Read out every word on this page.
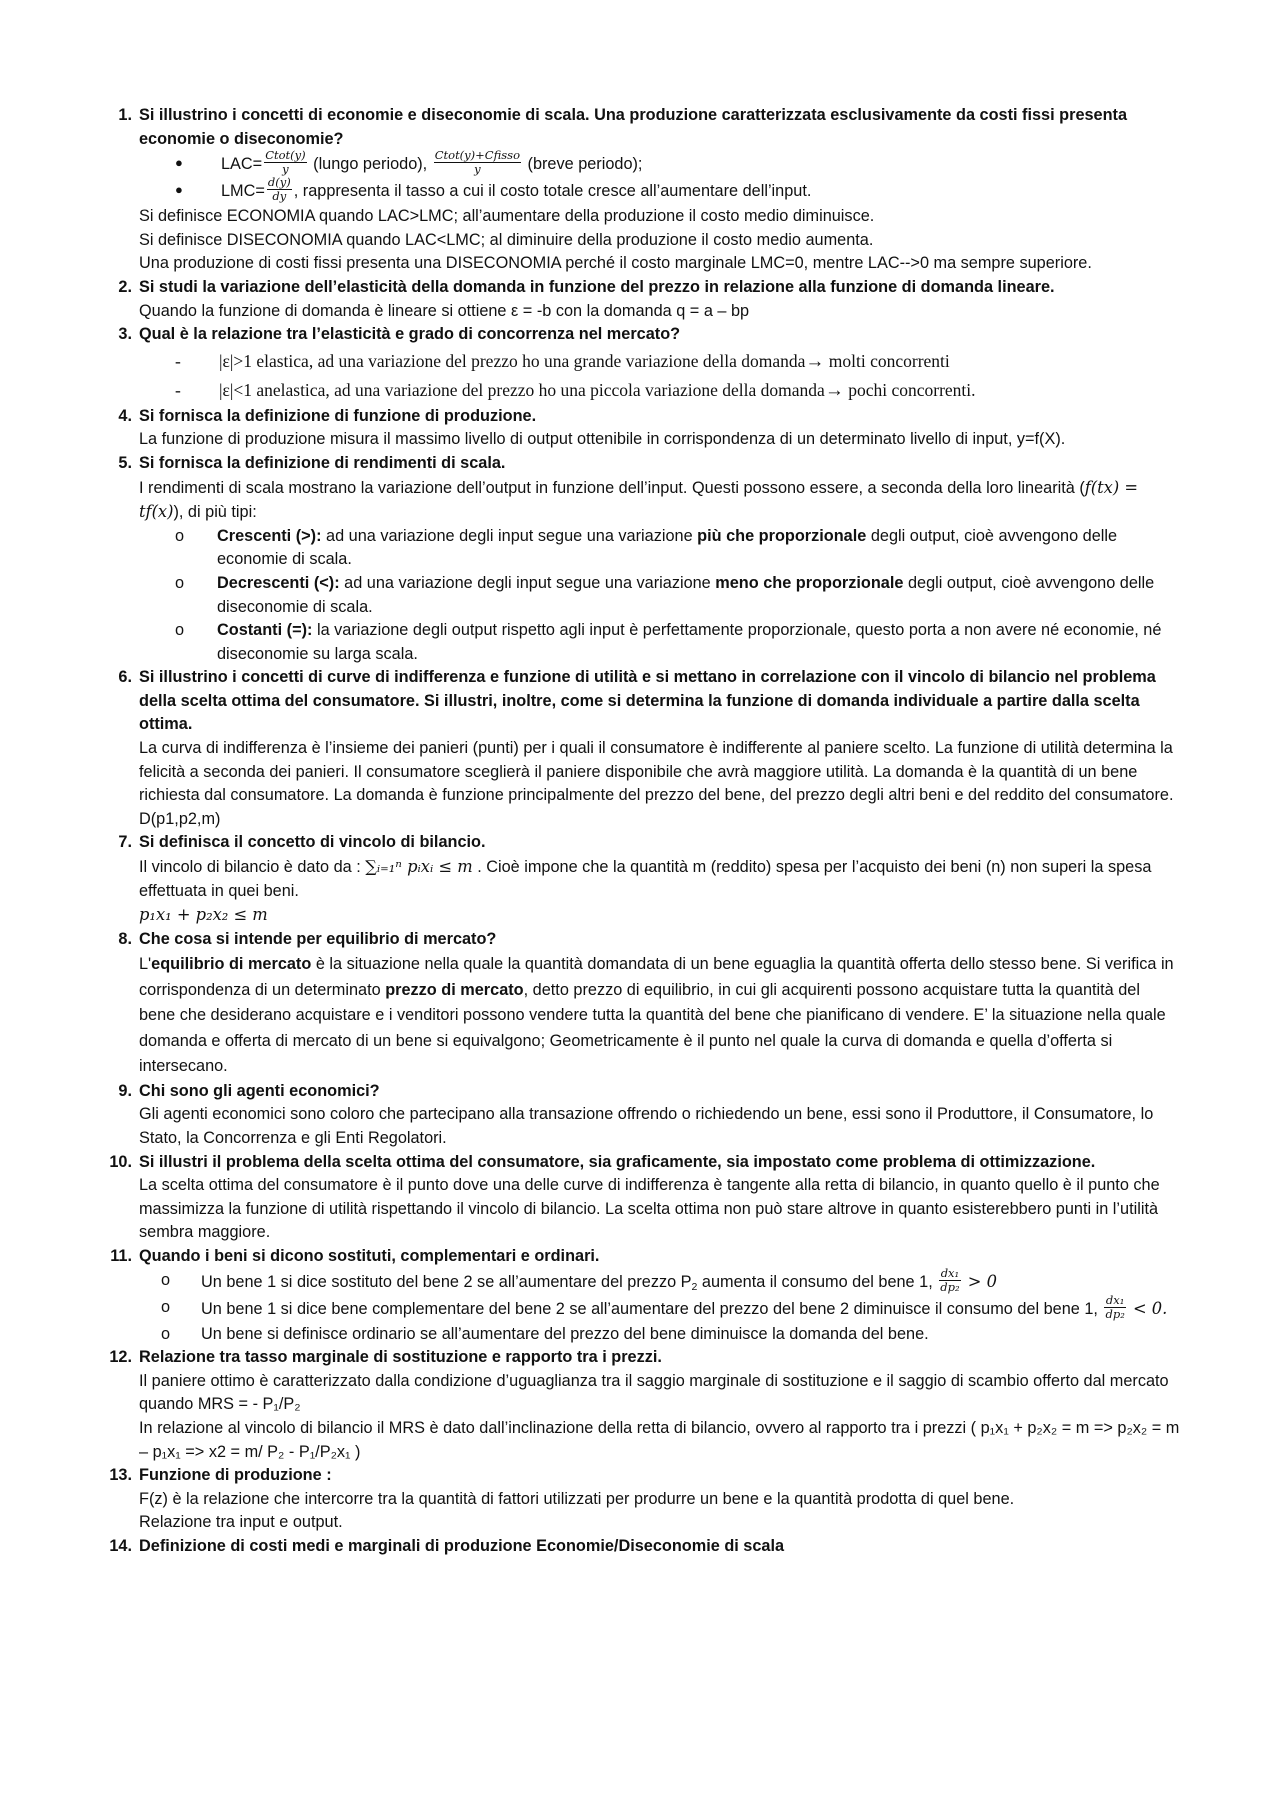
1. Si illustrino i concetti di economie e diseconomie di scala. Una produzione caratterizzata esclusivamente da costi fissi presenta economie o diseconomie?
● $LAC= \frac{\text{Ctot(y)}}{y}$ (lungo periodo), $\frac{\text{Ctot(y)+Cfisso}}{y}$ (breve periodo);
● $LMC= \frac{d(y)}{dy}$ , rappresenta il tasso a cui il costo totale cresce all’aumentare dell’input.
Si definisce ECONOMIA quando LAC>LMC; all’aumentare della produzione il costo medio diminuisce.
Si definisce DISECONOMIA quando LAC<LMC; al diminuire della produzione il costo medio aumenta.
Una produzione di costi fissi presenta una DISECONOMIA perché il costo marginale LMC=0, mentre LAC-->0 ma sempre superiore.
2. Si studi la variazione dell’elasticità della domanda in funzione del prezzo in relazione alla funzione di domanda lineare.
Quando la funzione di domanda è lineare si ottiene ε = -b con la domanda q = a – bp
3. Qual è la relazione tra l’elasticità e grado di concorrenza nel mercato?
- |ε|>1 elastica, ad una variazione del prezzo ho una grande variazione della domanda→ molti concorrenti
- |ε|<1 anelastica, ad una variazione del prezzo ho una piccola variazione della domanda→ pochi concorrenti.
4. Si fornisca la definizione di funzione di produzione.
La funzione di produzione misura il massimo livello di output ottenibile in corrispondenza di un determinato livello di input, y=f(X).
5. Si fornisca la definizione di rendimenti di scala.
I rendimenti di scala mostrano la variazione dell’output in funzione dell’input. Questi possono essere, a seconda della loro linearità (f(tx) = tf(x)), di più tipi:
o Crescenti (>): ad una variazione degli input segue una variazione più che proporzionale degli output, cioè avvengono delle economie di scala.
o Decrescenti (<): ad una variazione degli input segue una variazione meno che proporzionale degli output, cioè avvengono delle diseconomie di scala.
o Costanti (=): la variazione degli output rispetto agli input è perfettamente proporzionale, questo porta a non avere né economie, né diseconomie su larga scala.
6. Si illustrino i concetti di curve di indifferenza e funzione di utilità e si mettano in correlazione con il vincolo di bilancio nel problema della scelta ottima del consumatore. Si illustri, inoltre, come si determina la funzione di domanda individuale a partire dalla scelta ottima.
La curva di indifferenza è l’insieme dei panieri (punti) per i quali il consumatore è indifferente al paniere scelto. La funzione di utilità determina la felicità a seconda dei panieri. Il consumatore sceglierà il paniere disponibile che avrà maggiore utilità. La domanda è la quantità di un bene richiesta dal consumatore. La domanda è funzione principalmente del prezzo del bene, del prezzo degli altri beni e del reddito del consumatore. D(p1,p2,m)
7. Si definisca il concetto di vincolo di bilancio.
Il vincolo di bilancio è dato da : ∑ᵢ₌₁ⁿ pᵢxᵢ ≤ m . Cioè impone che la quantità m (reddito) spesa per l’acquisto dei beni (n) non superi la spesa effettuata in quei beni.
p₁x₁ + p₂x₂ ≤ m
8. Che cosa si intende per equilibrio di mercato?
L'equilibrio di mercato è la situazione nella quale la quantità domandata di un bene eguaglia la quantità offerta dello stesso bene. Si verifica in corrispondenza di un determinato prezzo di mercato, detto prezzo di equilibrio, in cui gli acquirenti possono acquistare tutta la quantità del bene che desiderano acquistare e i venditori possono vendere tutta la quantità del bene che pianificano di vendere. E’ la situazione nella quale domanda e offerta di mercato di un bene si equivalgono; Geometricamente è il punto nel quale la curva di domanda e quella d’offerta si intersecano.
9. Chi sono gli agenti economici?
Gli agenti economici sono coloro che partecipano alla transazione offrendo o richiedendo un bene, essi sono il Produttore, il Consumatore, lo Stato, la Concorrenza e gli Enti Regolatori.
10. Si illustri il problema della scelta ottima del consumatore, sia graficamente, sia impostato come problema di ottimizzazione.
La scelta ottima del consumatore è il punto dove una delle curve di indifferenza è tangente alla retta di bilancio, in quanto quello è il punto che massimizza la funzione di utilità rispettando il vincolo di bilancio. La scelta ottima non può stare altrove in quanto esisterebbero punti in l’utilità sembra maggiore.
11. Quando i beni si dicono sostituti, complementari e ordinari.
o Un bene 1 si dice sostituto del bene 2 se all’aumentare del prezzo $P_2$ aumenta il consumo del bene 1, $\frac{\text{dx₁}}{\text{dp₂}} > 0$
o Un bene 1 si dice bene complementare del bene 2 se all’aumentare del prezzo del bene 2 diminuisce il consumo del bene 1, $\frac{\text{dx₁}}{\text{dp₂}} < 0$.
o Un bene si definisce ordinario se all’aumentare del prezzo del bene diminuisce la domanda del bene.
12. Relazione tra tasso marginale di sostituzione e rapporto tra i prezzi.
Il paniere ottimo è caratterizzato dalla condizione d’uguaglianza tra il saggio marginale di sostituzione e il saggio di scambio offerto dal mercato quando MRS = - P₁/P₂
In relazione al vincolo di bilancio il MRS è dato dall’inclinazione della retta di bilancio, ovvero al rapporto tra i prezzi ( p₁x₁ + p₂x₂ = m => p₂x₂ = m – p₁x₁ => x2 = m/ P₂ - P₁/P₂x₁ )
13. Funzione di produzione :
F(z) è la relazione che intercorre tra la quantità di fattori utilizzati per produrre un bene e la quantità prodotta di quel bene.
Relazione tra input e output.
14. Definizione di costi medi e marginali di produzione Economie/Diseconomie di scala
